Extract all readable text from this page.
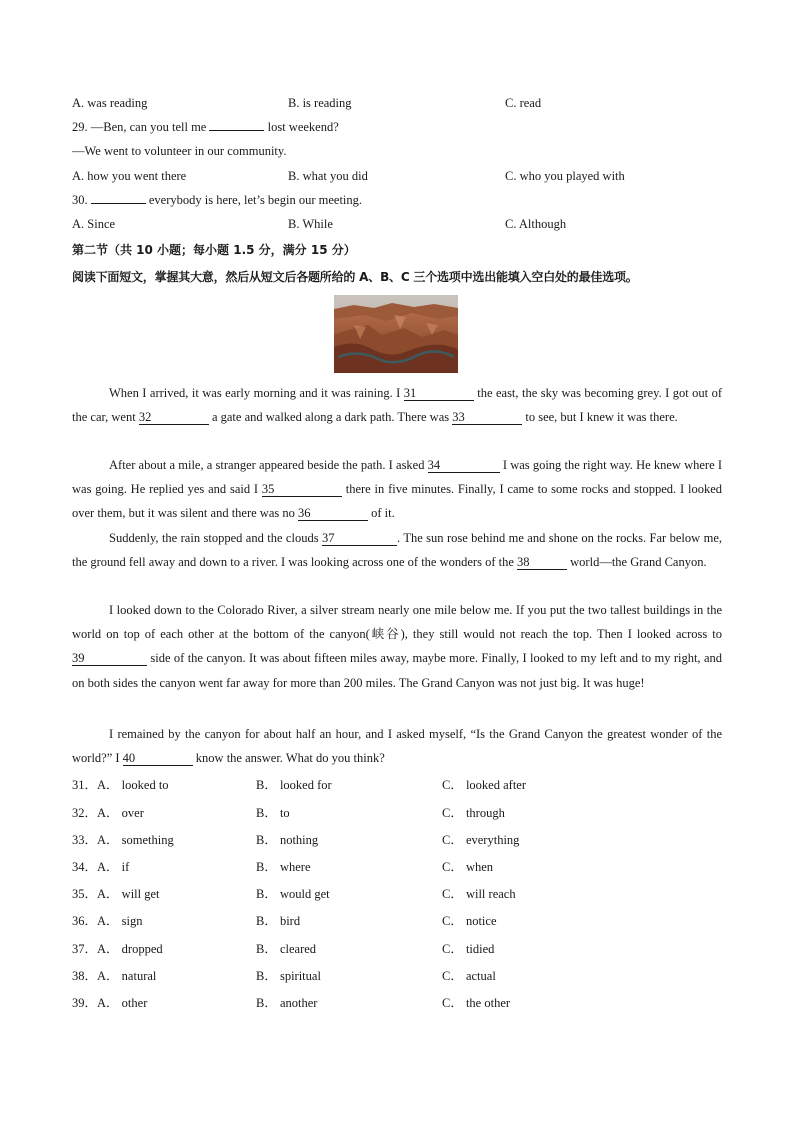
A. was reading	B. is reading	C. read
29. —Ben, can you tell me	lost weekend?
—We went to volunteer in our community.
A. how you went there	B. what you did	C. who you played with
30.	everybody is here, let’s begin our meeting.
A. Since	B. While	C. Although
第二节（共 10 小题；每小题 1.5 分，满分 15 分）
阅读下面短文，掌握其大意，然后从短文后各题所给的 A、B、C 三个选项中选出能填入空白处的最佳选项。
When I arrived, it was early morning and it was raining. I 31	the east, the sky was becoming grey. I got out of the car, went 32	a gate and walked along a dark path. There was 33	to see, but I knew it was there.
After about a mile, a stranger appeared beside the path. I asked 34	I was going the right way. He knew where I was going. He replied yes and said I 35	there in five minutes. Finally, I came to some rocks and stopped. I looked over them, but it was silent and there was no 36	of it.
Suddenly, the rain stopped and the clouds 37	. The sun rose behind me and shone on the rocks. Far below me, the ground fell away and down to a river. I was looking across one of the wonders of the 38	world—the Grand Canyon.
I looked down to the Colorado River, a silver stream nearly one mile below me. If you put the two tallest buildings in the world on top of each other at the bottom of the canyon(峡谷), they still would not reach the top. Then I looked across to 39	side of the canyon. It was about fifteen miles away, maybe more. Finally, I looked to my left and to my right, and on both sides the canyon went far away for more than 200 miles. The Grand Canyon was not just big. It was huge!
I remained by the canyon for about half an hour, and I asked myself, “Is the Grand Canyon the greatest wonder of the world?” I 40	know the answer. What do you think?
31．A． looked to	B． looked for	C． looked after
32．A． over	B． to	C． through
33．A． something	B． nothing	C． everything
34．A． if	B． where	C． when
35．A． will get	B． would get	C． will reach
36．A． sign	B． bird	C． notice
37．A． dropped	B． cleared	C． tidied
38．A． natural	B． spiritual	C． actual
39．A． other	B． another	C． the other
